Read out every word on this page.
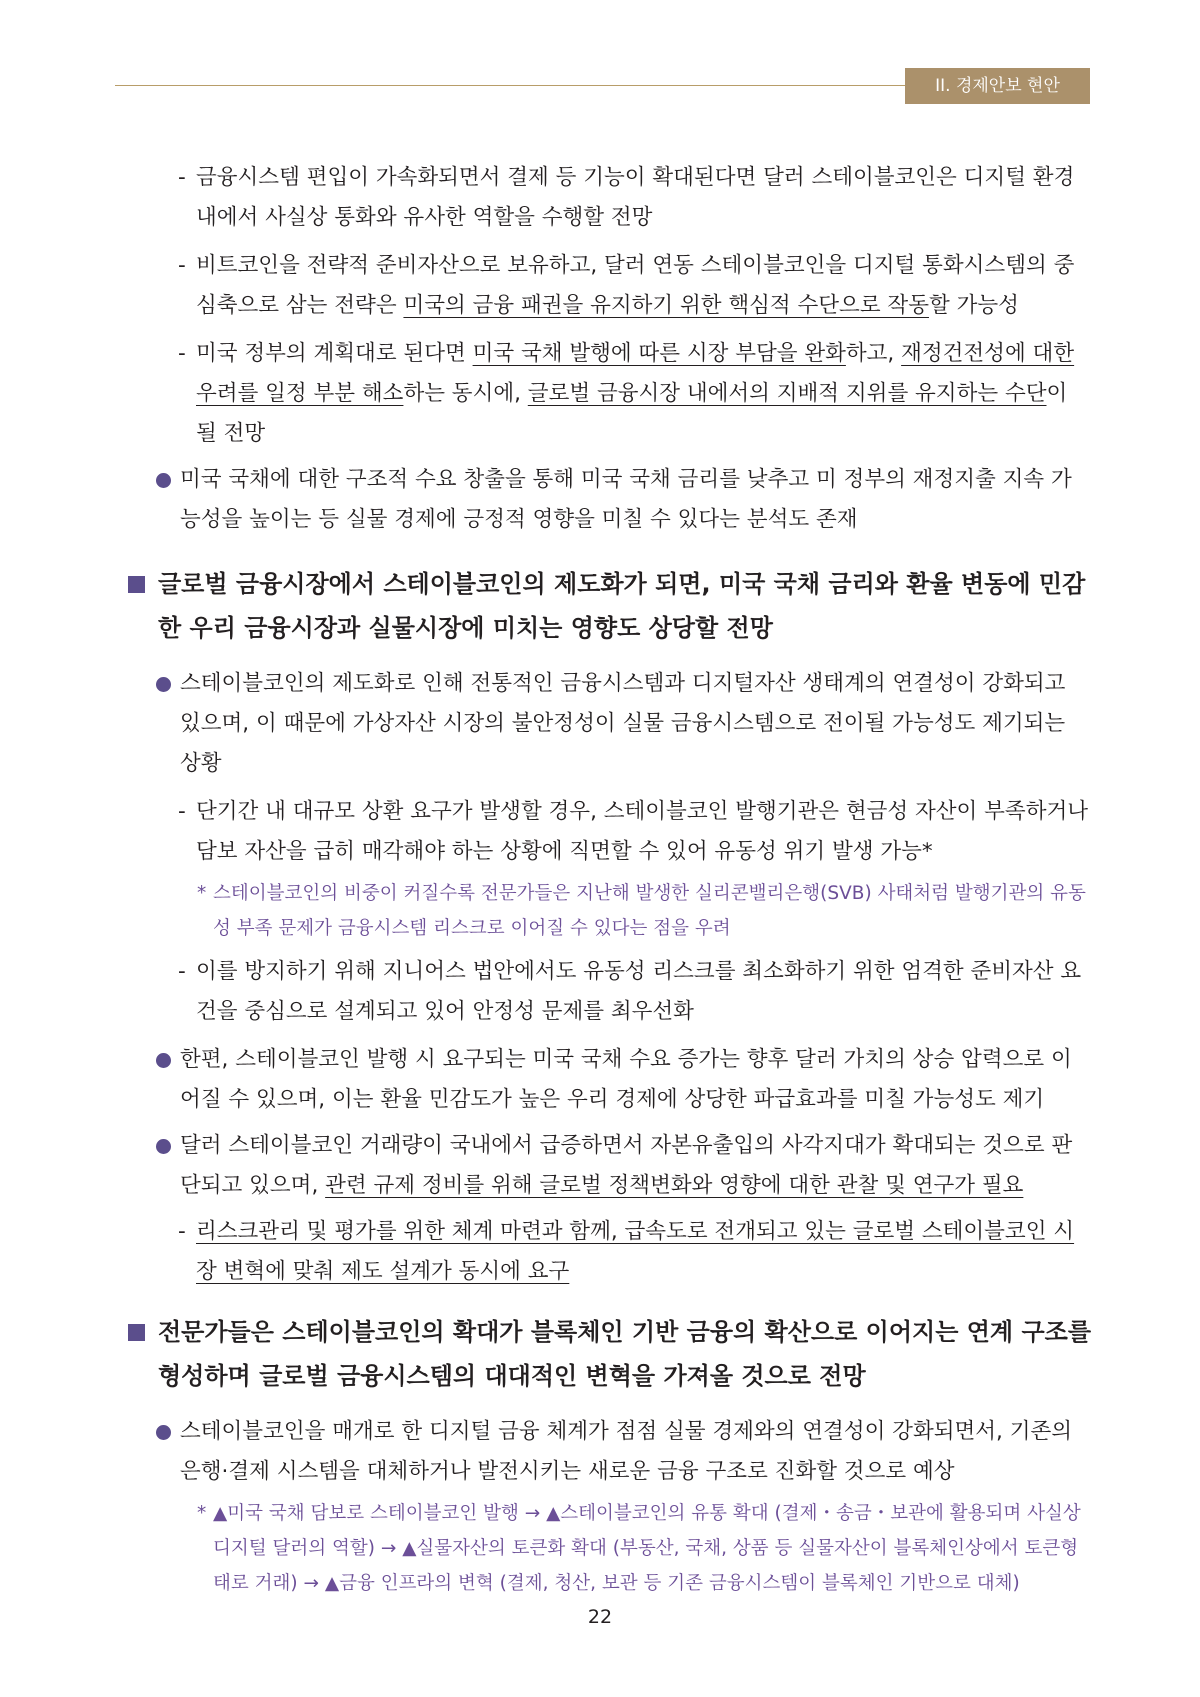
II. 경제안보 현안
- 금융시스템 편입이 가속화되면서 결제 등 기능이 확대된다면 달러 스테이블코인은 디지털 환경 내에서 사실상 통화와 유사한 역할을 수행할 전망
- 비트코인을 전략적 준비자산으로 보유하고, 달러 연동 스테이블코인을 디지털 통화시스템의 중심축으로 삼는 전략은 미국의 금융 패권을 유지하기 위한 핵심적 수단으로 작동할 가능성
- 미국 정부의 계획대로 된다면 미국 국채 발행에 따른 시장 부담을 완화하고, 재정건전성에 대한 우려를 일정 부분 해소하는 동시에, 글로벌 금융시장 내에서의 지배적 지위를 유지하는 수단이 될 전망
미국 국채에 대한 구조적 수요 창출을 통해 미국 국채 금리를 낮추고 미 정부의 재정지출 지속 가능성을 높이는 등 실물 경제에 긍정적 영향을 미칠 수 있다는 분석도 존재
글로벌 금융시장에서 스테이블코인의 제도화가 되면, 미국 국채 금리와 환율 변동에 민감한 우리 금융시장과 실물시장에 미치는 영향도 상당할 전망
스테이블코인의 제도화로 인해 전통적인 금융시스템과 디지털자산 생태계의 연결성이 강화되고 있으며, 이 때문에 가상자산 시장의 불안정성이 실물 금융시스템으로 전이될 가능성도 제기되는 상황
- 단기간 내 대규모 상환 요구가 발생할 경우, 스테이블코인 발행기관은 현금성 자산이 부족하거나 담보 자산을 급히 매각해야 하는 상황에 직면할 수 있어 유동성 위기 발생 가능*
* 스테이블코인의 비중이 커질수록 전문가들은 지난해 발생한 실리콘밸리은행(SVB) 사태처럼 발행기관의 유동성 부족 문제가 금융시스템 리스크로 이어질 수 있다는 점을 우려
- 이를 방지하기 위해 지니어스 법안에서도 유동성 리스크를 최소화하기 위한 엄격한 준비자산 요건을 중심으로 설계되고 있어 안정성 문제를 최우선화
한편, 스테이블코인 발행 시 요구되는 미국 국채 수요 증가는 향후 달러 가치의 상승 압력으로 이어질 수 있으며, 이는 환율 민감도가 높은 우리 경제에 상당한 파급효과를 미칠 가능성도 제기
달러 스테이블코인 거래량이 국내에서 급증하면서 자본유출입의 사각지대가 확대되는 것으로 판단되고 있으며, 관련 규제 정비를 위해 글로벌 정책변화와 영향에 대한 관찰 및 연구가 필요
- 리스크관리 및 평가를 위한 체계 마련과 함께, 급속도로 전개되고 있는 글로벌 스테이블코인 시장 변혁에 맞춰 제도 설계가 동시에 요구
전문가들은 스테이블코인의 확대가 블록체인 기반 금융의 확산으로 이어지는 연계 구조를 형성하며 글로벌 금융시스템의 대대적인 변혁을 가져올 것으로 전망
스테이블코인을 매개로 한 디지털 금융 체계가 점점 실물 경제와의 연결성이 강화되면서, 기존의 은행·결제 시스템을 대체하거나 발전시키는 새로운 금융 구조로 진화할 것으로 예상
* ▲미국 국채 담보로 스테이블코인 발행 → ▲스테이블코인의 유통 확대 (결제・송금・보관에 활용되며 사실상 디지털 달러의 역할) → ▲실물자산의 토큰화 확대 (부동산, 국채, 상품 등 실물자산이 블록체인상에서 토큰형태로 거래) → ▲금융 인프라의 변혁 (결제, 청산, 보관 등 기존 금융시스템이 블록체인 기반으로 대체)
22
